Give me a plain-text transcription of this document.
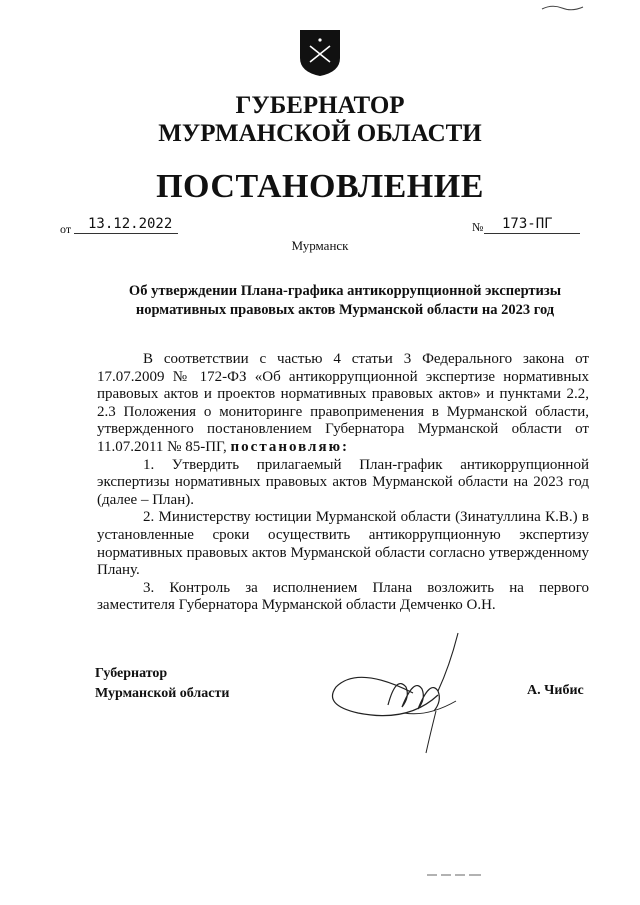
ГУБЕРНАТОР
МУРМАНСКОЙ ОБЛАСТИ
ПОСТАНОВЛЕНИЕ
от	13.12.2022	№	173-ПГ
Мурманск
Об утверждении Плана-графика антикоррупционной экспертизы нормативных правовых актов Мурманской области на 2023 год

В соответствии с частью 4 статьи 3 Федерального закона от 17.07.2009 № 172-ФЗ «Об антикоррупционной экспертизе нормативных правовых актов и проектов нормативных правовых актов» и пунктами 2.2, 2.3 Положения о мониторинге правоприменения в Мурманской области, утвержденного постановлением Губернатора Мурманской области от 11.07.2011 № 85-ПГ, постановляю:

1. Утвердить прилагаемый План-график антикоррупционной экспертизы нормативных правовых актов Мурманской области на 2023 год (далее – План).

2. Министерству юстиции Мурманской области (Зинатуллина К.В.) в установленные сроки осуществить антикоррупционную экспертизу нормативных правовых актов Мурманской области согласно утвержденному Плану.

3. Контроль за исполнением Плана возложить на первого заместителя Губернатора Мурманской области Демченко О.Н.

Губернатор
Мурманской области	А. Чибис
